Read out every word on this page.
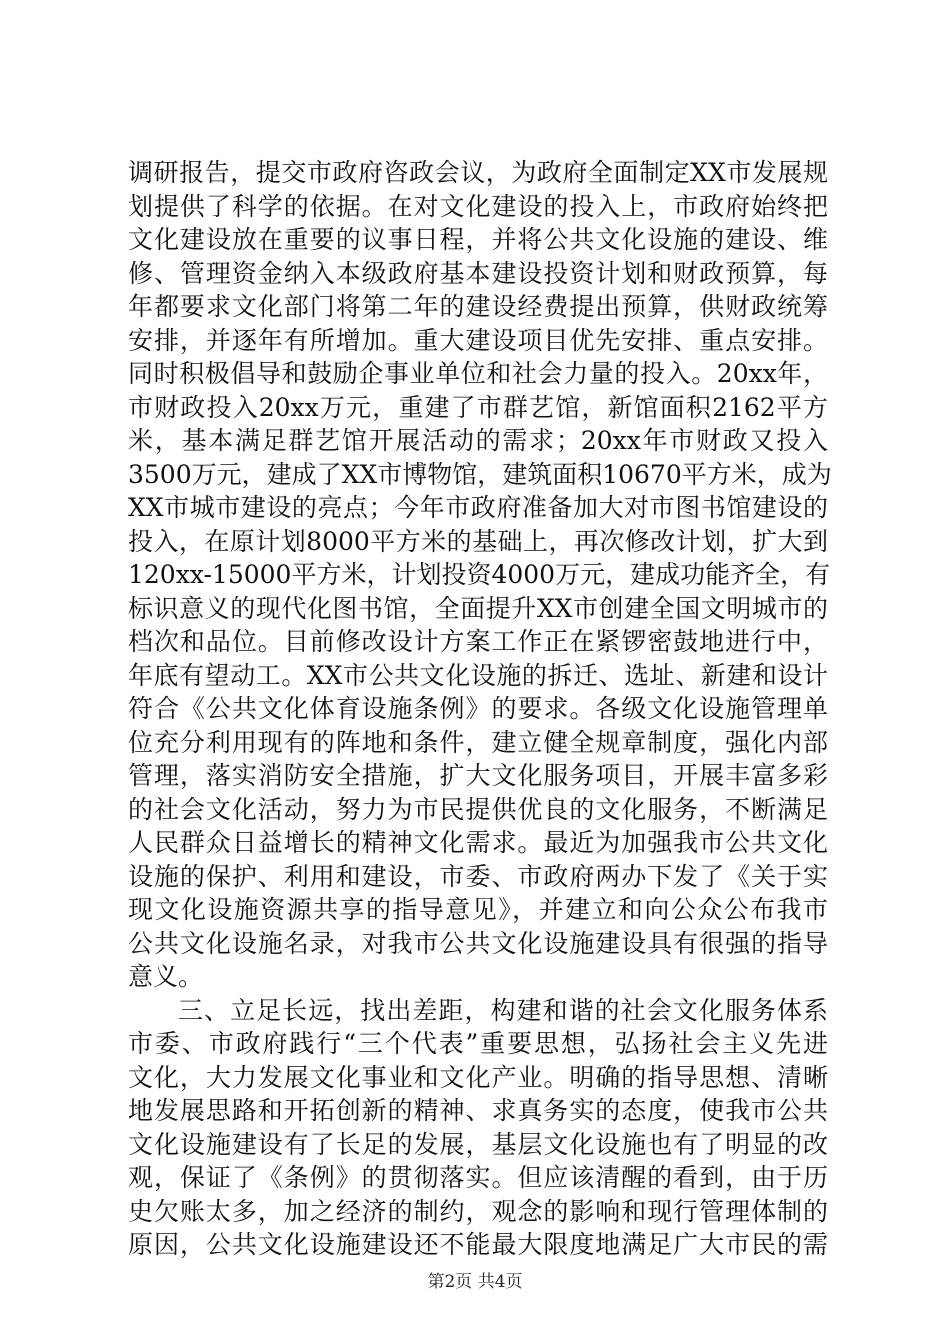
调研报告，提交市政府咨政会议，为政府全面制定XX市发展规
划提供了科学的依据。在对文化建设的投入上，市政府始终把
文化建设放在重要的议事日程，并将公共文化设施的建设、维
修、管理资金纳入本级政府基本建设投资计划和财政预算，每
年都要求文化部门将第二年的建设经费提出预算，供财政统筹
安排，并逐年有所增加。重大建设项目优先安排、重点安排。
同时积极倡导和鼓励企事业单位和社会力量的投入。20xx年，
市财政投入20xx万元，重建了市群艺馆，新馆面积2162平方
米，基本满足群艺馆开展活动的需求；20xx年市财政又投入
3500万元，建成了XX市博物馆，建筑面积10670平方米，成为
XX市城市建设的亮点；今年市政府准备加大对市图书馆建设的
投入，在原计划8000平方米的基础上，再次修改计划，扩大到
120xx-15000平方米，计划投资4000万元，建成功能齐全，有
标识意义的现代化图书馆，全面提升XX市创建全国文明城市的
档次和品位。目前修改设计方案工作正在紧锣密鼓地进行中，
年底有望动工。XX市公共文化设施的拆迁、选址、新建和设计
符合《公共文化体育设施条例》的要求。各级文化设施管理单
位充分利用现有的阵地和条件，建立健全规章制度，强化内部
管理，落实消防安全措施，扩大文化服务项目，开展丰富多彩
的社会文化活动，努力为市民提供优良的文化服务，不断满足
人民群众日益增长的精神文化需求。最近为加强我市公共文化
设施的保护、利用和建设，市委、市政府两办下发了《关于实
现文化设施资源共享的指导意见》，并建立和向公众公布我市
公共文化设施名录，对我市公共文化设施建设具有很强的指导
意义。
三、立足长远，找出差距，构建和谐的社会文化服务体系
市委、市政府践行“三个代表”重要思想，弘扬社会主义先进
文化，大力发展文化事业和文化产业。明确的指导思想、清晰
地发展思路和开拓创新的精神、求真务实的态度，使我市公共
文化设施建设有了长足的发展，基层文化设施也有了明显的改
观，保证了《条例》的贯彻落实。但应该清醒的看到，由于历
史欠账太多，加之经济的制约，观念的影响和现行管理体制的
原因，公共文化设施建设还不能最大限度地满足广大市民的需
第2页 共4页
